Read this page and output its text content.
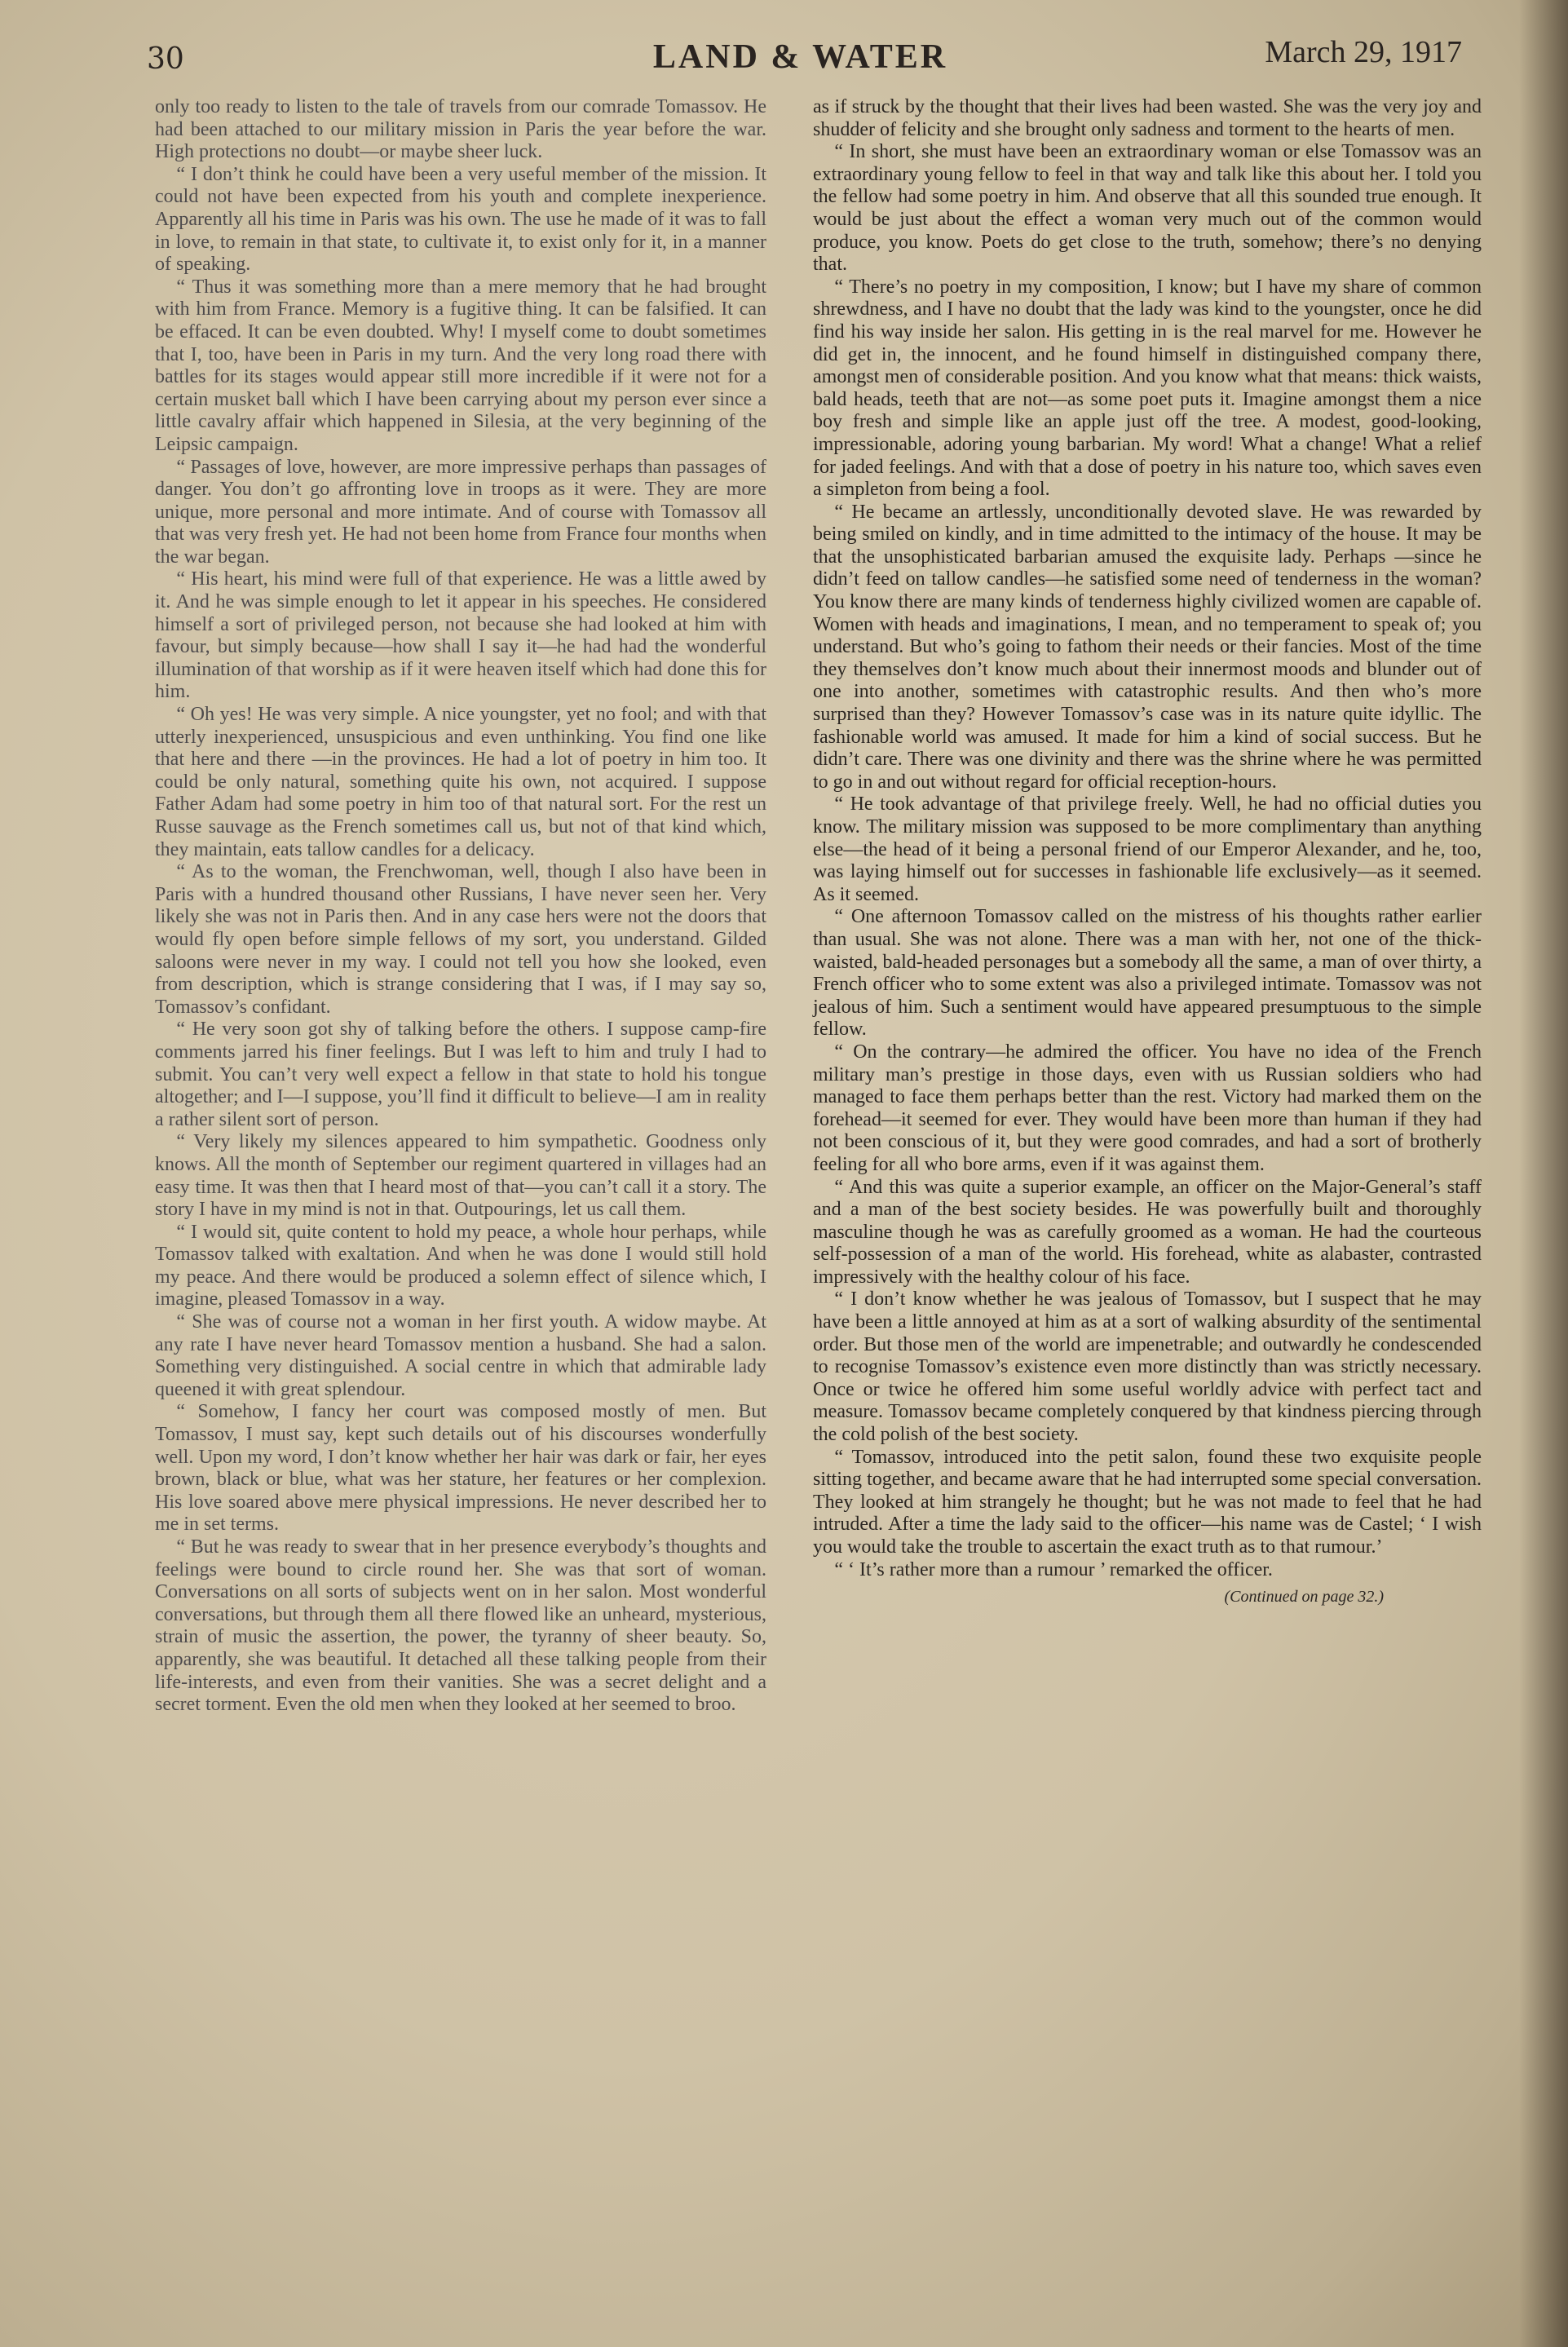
30	LAND & WATER	March 29, 1917

only too ready to listen to the tale of travels from our comrade Tomassov. He had been attached to our military mission in Paris the year before the war. High protections no doubt—or maybe sheer luck.

“ I don’t think he could have been a very useful member of the mission. It could not have been expected from his youth and complete inexperience. Apparently all his time in Paris was his own. The use he made of it was to fall in love, to remain in that state, to cultivate it, to exist only for it, in a manner of speaking.

“ Thus it was something more than a mere memory that he had brought with him from France. Memory is a fugitive thing. It can be falsified. It can be effaced. It can be even doubted. Why! I myself come to doubt sometimes that I, too, have been in Paris in my turn. And the very long road there with battles for its stages would appear still more incredible if it were not for a certain musket ball which I have been carrying about my person ever since a little cavalry affair which happened in Silesia, at the very beginning of the Leipsic campaign.

“ Passages of love, however, are more impressive perhaps than passages of danger. You don’t go affronting love in troops as it were. They are more unique, more personal and more intimate. And of course with Tomassov all that was very fresh yet. He had not been home from France four months when the war began.

“ His heart, his mind were full of that experience. He was a little awed by it. And he was simple enough to let it appear in his speeches. He considered himself a sort of privileged person, not because she had looked at him with favour, but simply because—how shall I say it—he had had the wonderful illumination of that worship as if it were heaven itself which had done this for him.

“ Oh yes! He was very simple. A nice youngster, yet no fool; and with that utterly inexperienced, unsuspicious and even unthinking. You find one like that here and there —in the provinces. He had a lot of poetry in him too. It could be only natural, something quite his own, not acquired. I suppose Father Adam had some poetry in him too of that natural sort. For the rest un Russe sauvage as the French sometimes call us, but not of that kind which, they maintain, eats tallow candles for a delicacy.

“ As to the woman, the Frenchwoman, well, though I also have been in Paris with a hundred thousand other Russians, I have never seen her. Very likely she was not in Paris then. And in any case hers were not the doors that would fly open before simple fellows of my sort, you understand. Gilded saloons were never in my way. I could not tell you how she looked, even from description, which is strange considering that I was, if I may say so, Tomassov’s confidant.

“ He very soon got shy of talking before the others. I suppose camp-fire comments jarred his finer feelings. But I was left to him and truly I had to submit. You can’t very well expect a fellow in that state to hold his tongue altogether; and I—I suppose, you’ll find it difficult to believe—I am in reality a rather silent sort of person.

“ Very likely my silences appeared to him sympathetic. Goodness only knows. All the month of September our regiment quartered in villages had an easy time. It was then that I heard most of that—you can’t call it a story. The story I have in my mind is not in that. Outpourings, let us call them.

“ I would sit, quite content to hold my peace, a whole hour perhaps, while Tomassov talked with exaltation. And when he was done I would still hold my peace. And there would be produced a solemn effect of silence which, I imagine, pleased Tomassov in a way.

“ She was of course not a woman in her first youth. A widow maybe. At any rate I have never heard Tomassov mention a husband. She had a salon. Something very distinguished. A social centre in which that admirable lady queened it with great splendour.

“ Somehow, I fancy her court was composed mostly of men. But Tomassov, I must say, kept such details out of his discourses wonderfully well. Upon my word, I don’t know whether her hair was dark or fair, her eyes brown, black or blue, what was her stature, her features or her complexion. His love soared above mere physical impressions. He never described her to me in set terms.

“ But he was ready to swear that in her presence everybody’s thoughts and feelings were bound to circle round her. She was that sort of woman. Conversations on all sorts of subjects went on in her salon. Most wonderful conversations, but through them all there flowed like an unheard, mysterious, strain of music the assertion, the power, the tyranny of sheer beauty. So, apparently, she was beautiful. It detached all these talking people from their life-interests, and even from their vanities. She was a secret delight and a secret torment. Even the old men when they looked at her seemed to broo.

as if struck by the thought that their lives had been wasted. She was the very joy and shudder of felicity and she brought only sadness and torment to the hearts of men.

“ In short, she must have been an extraordinary woman or else Tomassov was an extraordinary young fellow to feel in that way and talk like this about her. I told you the fellow had some poetry in him. And observe that all this sounded true enough. It would be just about the effect a woman very much out of the common would produce, you know. Poets do get close to the truth, somehow; there’s no denying that.

“ There’s no poetry in my composition, I know; but I have my share of common shrewdness, and I have no doubt that the lady was kind to the youngster, once he did find his way inside her salon. His getting in is the real marvel for me. However he did get in, the innocent, and he found himself in distinguished company there, amongst men of considerable position. And you know what that means: thick waists, bald heads, teeth that are not—as some poet puts it. Imagine amongst them a nice boy fresh and simple like an apple just off the tree. A modest, good-looking, impressionable, adoring young barbarian. My word! What a change! What a relief for jaded feelings. And with that a dose of poetry in his nature too, which saves even a simpleton from being a fool.

“ He became an artlessly, unconditionally devoted slave. He was rewarded by being smiled on kindly, and in time admitted to the intimacy of the house. It may be that the unsophisticated barbarian amused the exquisite lady. Perhaps —since he didn’t feed on tallow candles—he satisfied some need of tenderness in the woman? You know there are many kinds of tenderness highly civilized women are capable of. Women with heads and imaginations, I mean, and no temperament to speak of; you understand. But who’s going to fathom their needs or their fancies. Most of the time they themselves don’t know much about their innermost moods and blunder out of one into another, sometimes with catastrophic results. And then who’s more surprised than they? However Tomassov’s case was in its nature quite idyllic. The fashionable world was amused. It made for him a kind of social success. But he didn’t care. There was one divinity and there was the shrine where he was permitted to go in and out without regard for official reception-hours.

“ He took advantage of that privilege freely. Well, he had no official duties you know. The military mission was supposed to be more complimentary than anything else—the head of it being a personal friend of our Emperor Alexander, and he, too, was laying himself out for successes in fashionable life exclusively—as it seemed. As it seemed.

“ One afternoon Tomassov called on the mistress of his thoughts rather earlier than usual. She was not alone. There was a man with her, not one of the thick-waisted, bald-headed personages but a somebody all the same, a man of over thirty, a French officer who to some extent was also a privileged intimate. Tomassov was not jealous of him. Such a sentiment would have appeared presumptuous to the simple fellow.

“ On the contrary—he admired the officer. You have no idea of the French military man’s prestige in those days, even with us Russian soldiers who had managed to face them perhaps better than the rest. Victory had marked them on the forehead—it seemed for ever. They would have been more than human if they had not been conscious of it, but they were good comrades, and had a sort of brotherly feeling for all who bore arms, even if it was against them.

“ And this was quite a superior example, an officer on the Major-General’s staff and a man of the best society besides. He was powerfully built and thoroughly masculine though he was as carefully groomed as a woman. He had the courteous self-possession of a man of the world. His forehead, white as alabaster, contrasted impressively with the healthy colour of his face.

“ I don’t know whether he was jealous of Tomassov, but I suspect that he may have been a little annoyed at him as at a sort of walking absurdity of the sentimental order. But those men of the world are impenetrable; and outwardly he condescended to recognise Tomassov’s existence even more distinctly than was strictly necessary. Once or twice he offered him some useful worldly advice with perfect tact and measure. Tomassov became completely conquered by that kindness piercing through the cold polish of the best society.

“ Tomassov, introduced into the petit salon, found these two exquisite people sitting together, and became aware that he had interrupted some special conversation. They looked at him strangely he thought; but he was not made to feel that he had intruded. After a time the lady said to the officer—his name was de Castel; ‘ I wish you would take the trouble to ascertain the exact truth as to that rumour.’

“ ‘ It’s rather more than a rumour ’ remarked the officer.

(Continued on page 32.)
